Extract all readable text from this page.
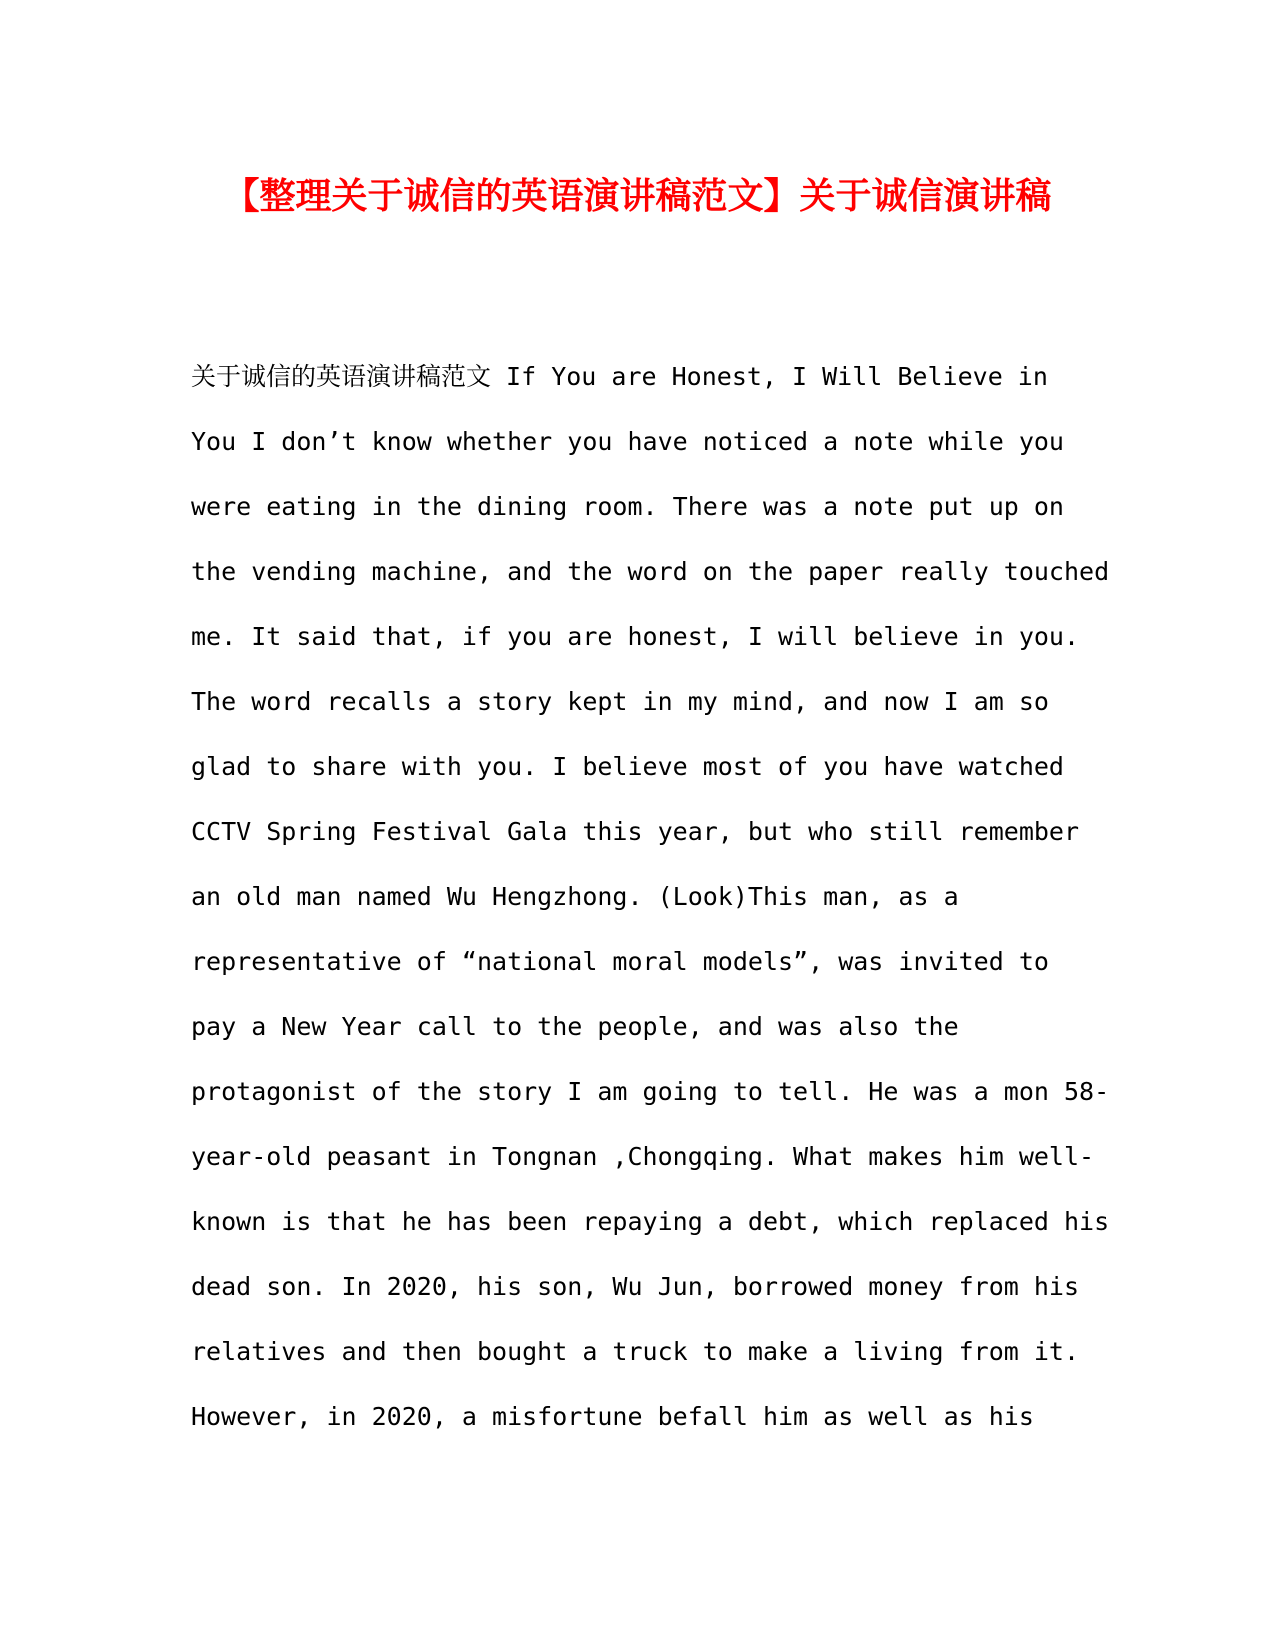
【整理关于诚信的英语演讲稿范文】关于诚信演讲稿
关于诚信的英语演讲稿范文 If You are Honest, I Will Believe in
You I don’t know whether you have noticed a note while you
were eating in the dining room. There was a note put up on
the vending machine, and the word on the paper really touched
me. It said that, if you are honest, I will believe in you.
The word recalls a story kept in my mind, and now I am so
glad to share with you. I believe most of you have watched
CCTV Spring Festival Gala this year, but who still remember
an old man named Wu Hengzhong. (Look)This man, as a
representative of “national moral models”, was invited to
pay a New Year call to the people, and was also the
protagonist of the story I am going to tell. He was a mon 58-
year-old peasant in Tongnan ,Chongqing. What makes him well-
known is that he has been repaying a debt, which replaced his
dead son. In 2020, his son, Wu Jun, borrowed money from his
relatives and then bought a truck to make a living from it.
However, in 2020, a misfortune befall him as well as his
